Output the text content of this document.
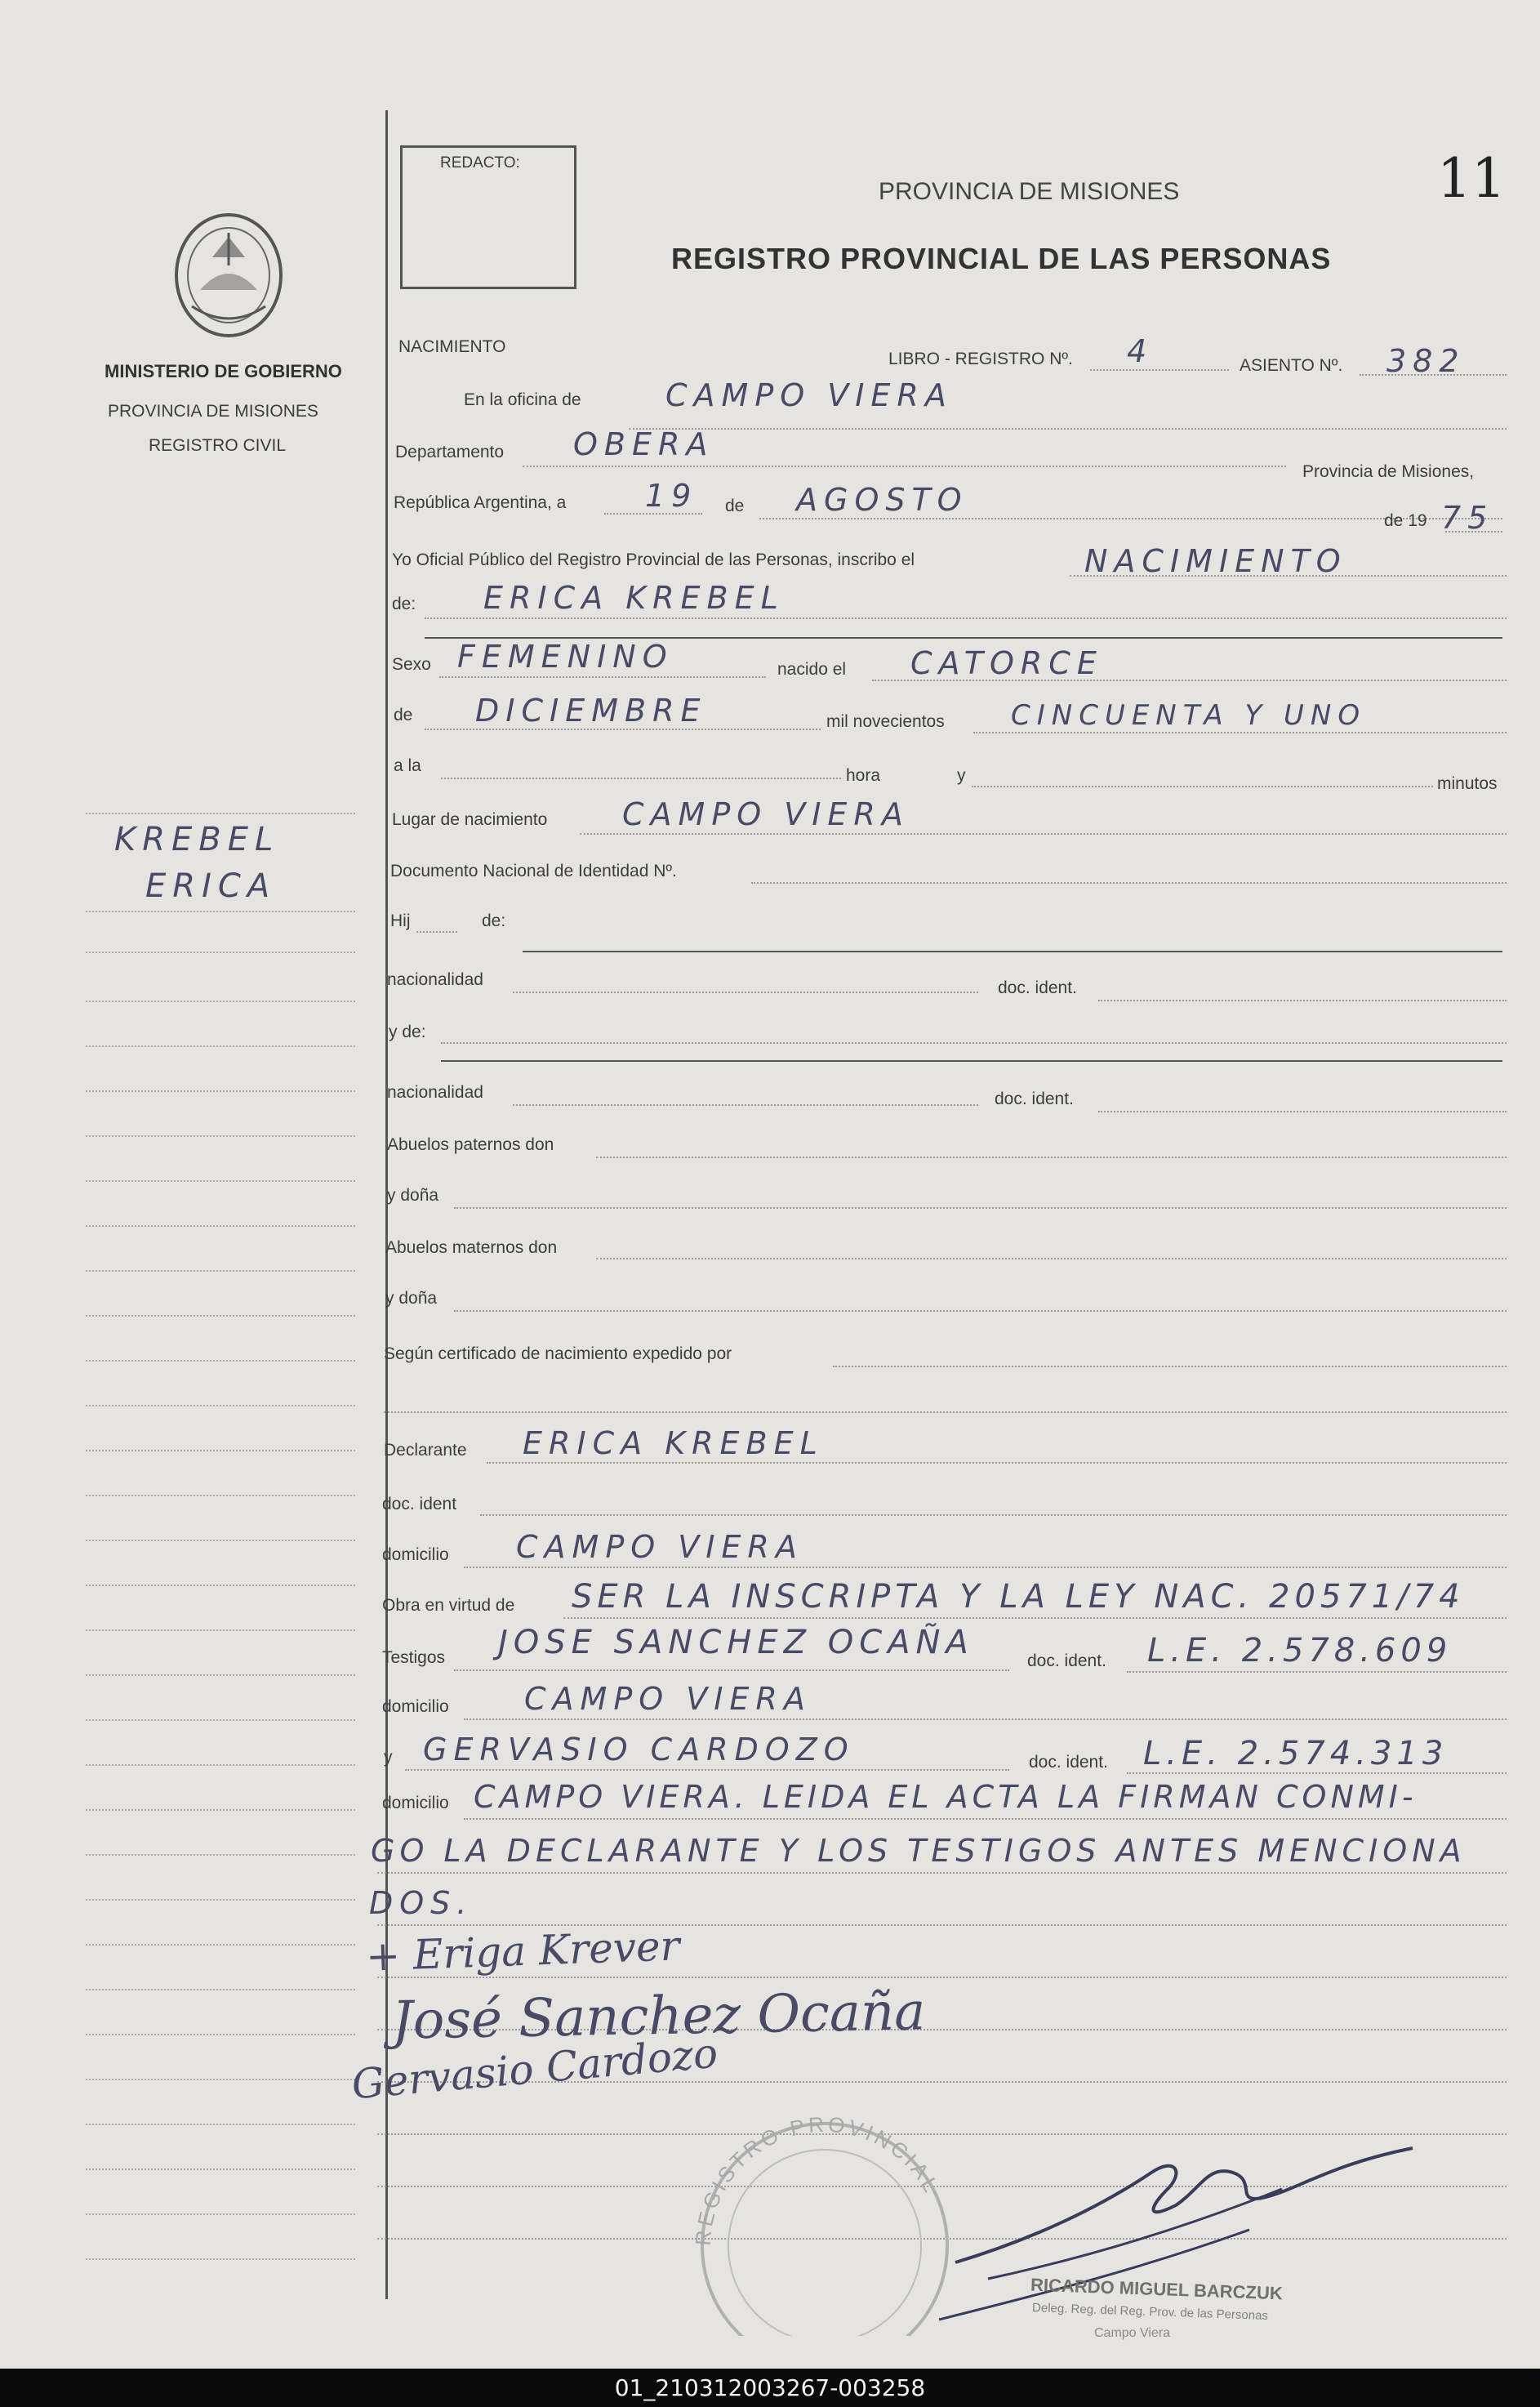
11
REDACTO:
PROVINCIA DE MISIONES
REGISTRO PROVINCIAL DE LAS PERSONAS
MINISTERIO DE GOBIERNO
PROVINCIA DE MISIONES
REGISTRO CIVIL
KREBEL
ERICA
NACIMIENTO
LIBRO - REGISTRO Nº. 4	ASIENTO Nº. 382
En la oficina de	CAMPO VIERA
Departamento OBERA
Provincia de Misiones,
República Argentina, a	19 de AGOSTO
de 19 75
Yo Oficial Público del Registro Provincial de las Personas, inscribo el	NACIMIENTO
de: ERICA KREBEL
Sexo FEMENINO	nacido el CATORCE
de DICIEMBRE	mil novecientos CINCUENTA Y UNO
a la
hora	y	minutos
Lugar de nacimiento CAMPO VIERA
Documento Nacional de Identidad Nº.
Hij	de:
nacionalidad	doc. ident.
y de:
nacionalidad	doc. ident.
Abuelos paternos don
y doña
Abuelos maternos don
y doña
Según certificado de nacimiento expedido por
Declarante ERICA KREBEL
doc. ident
domicilio CAMPO VIERA
Obra en virtud de SER LA INSCRIPTA Y LA LEY NAC. 20571/74
Testigos JOSE SANCHEZ OCAÑA	doc. ident. L.E. 2.578.609
domicilio CAMPO VIERA
y GERVASIO CARDOZO	doc. ident. L.E. 2.574.313
domicilio CAMPO VIERA. LEIDA EL ACTA LA FIRMAN CONMI-
GO LA DECLARANTE Y LOS TESTIGOS ANTES MENCIONA
DOS.
+ Eriga Krever
José Sanchez Ocaña
Gervasio Cardozo
REGISTRO PROVINCIAL
RICARDO MIGUEL BARCZUK
Deleg. Reg. del Reg. Prov. de las Personas
Campo Viera
01_210312003267-003258
